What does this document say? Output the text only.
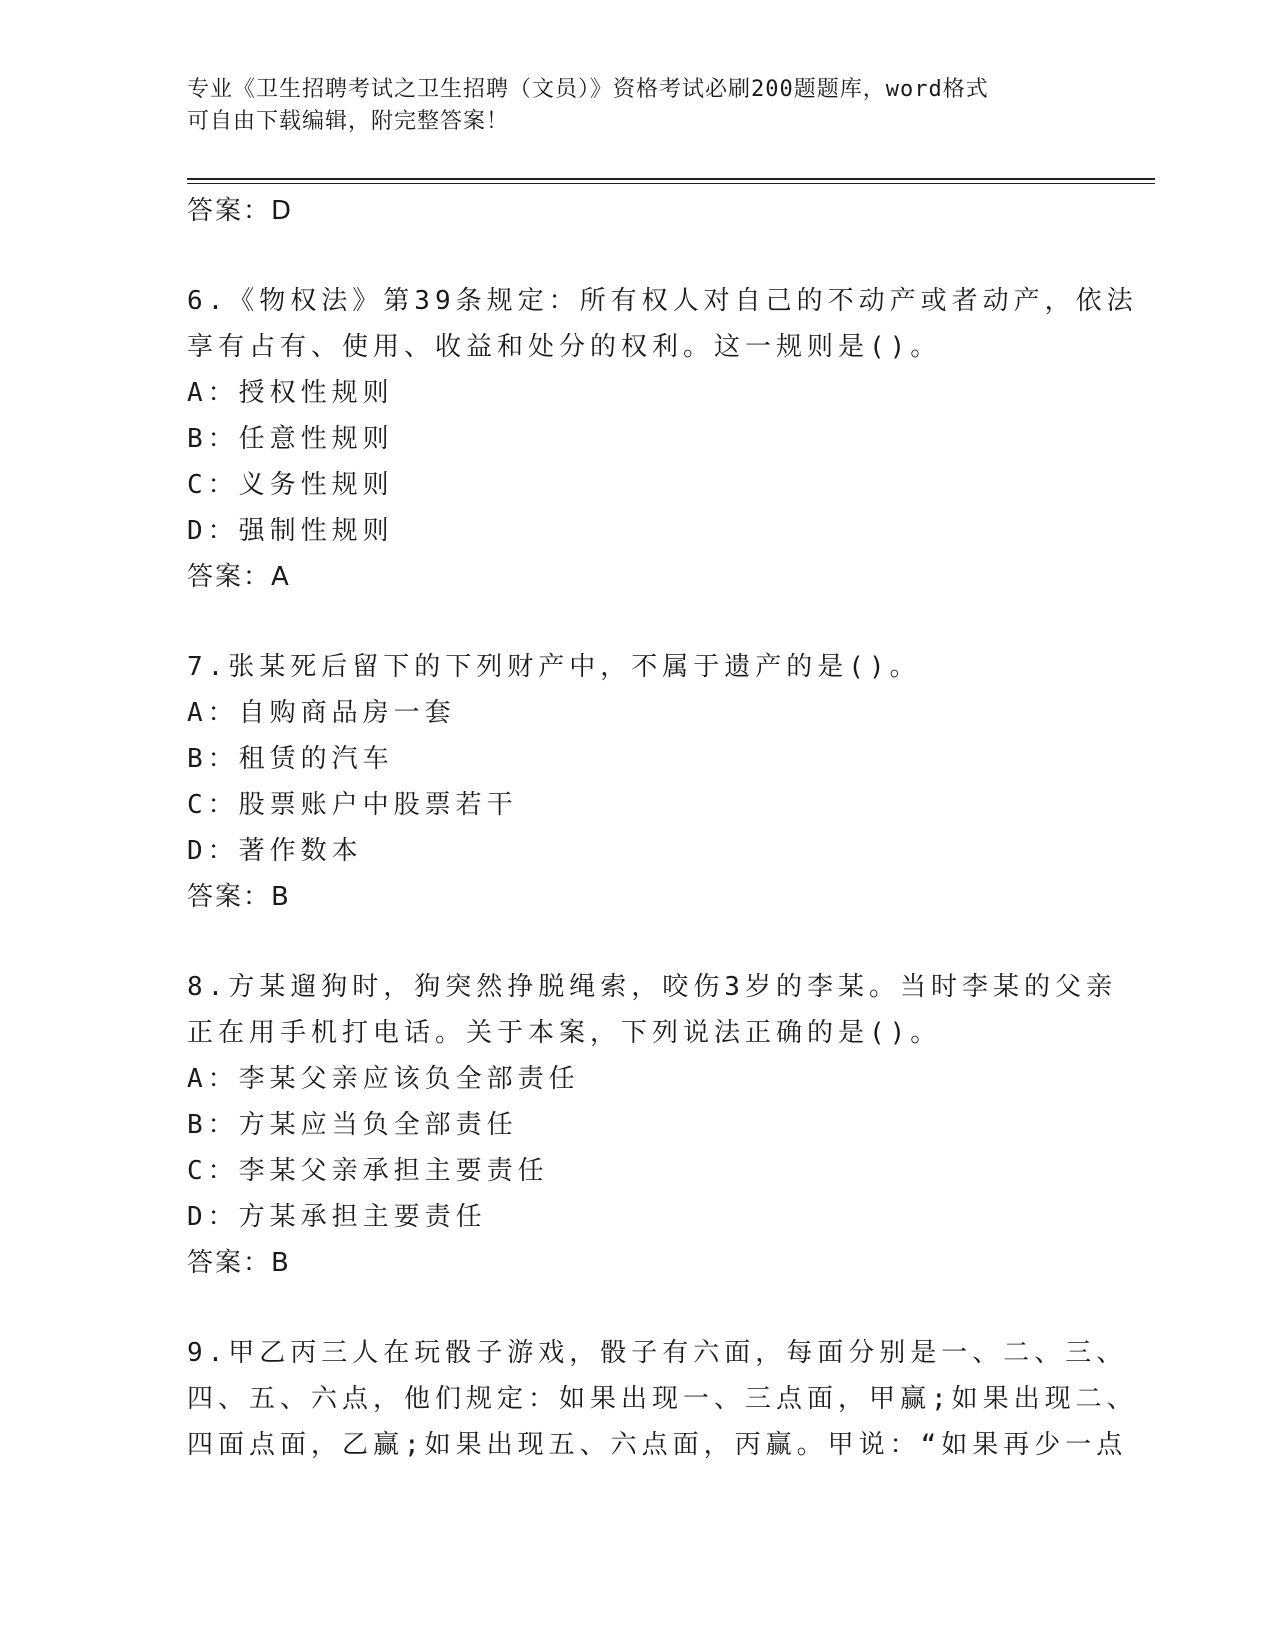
专业《卫生招聘考试之卫生招聘（文员）》资格考试必刷200题题库，word格式
可自由下载编辑，附完整答案！
答案：D
6.《物权法》第39条规定：所有权人对自己的不动产或者动产，依法
享有占有、使用、收益和处分的权利。这一规则是()。
A：授权性规则
B：任意性规则
C：义务性规则
D：强制性规则
答案：A
7.张某死后留下的下列财产中，不属于遗产的是()。
A：自购商品房一套
B：租赁的汽车
C：股票账户中股票若干
D：著作数本
答案：B
8.方某遛狗时，狗突然挣脱绳索，咬伤3岁的李某。当时李某的父亲
正在用手机打电话。关于本案，下列说法正确的是()。
A：李某父亲应该负全部责任
B：方某应当负全部责任
C：李某父亲承担主要责任
D：方某承担主要责任
答案：B
9.甲乙丙三人在玩骰子游戏，骰子有六面，每面分别是一、二、三、
四、五、六点，他们规定：如果出现一、三点面，甲赢;如果出现二、
四面点面，乙赢;如果出现五、六点面，丙赢。甲说：“如果再少一点
